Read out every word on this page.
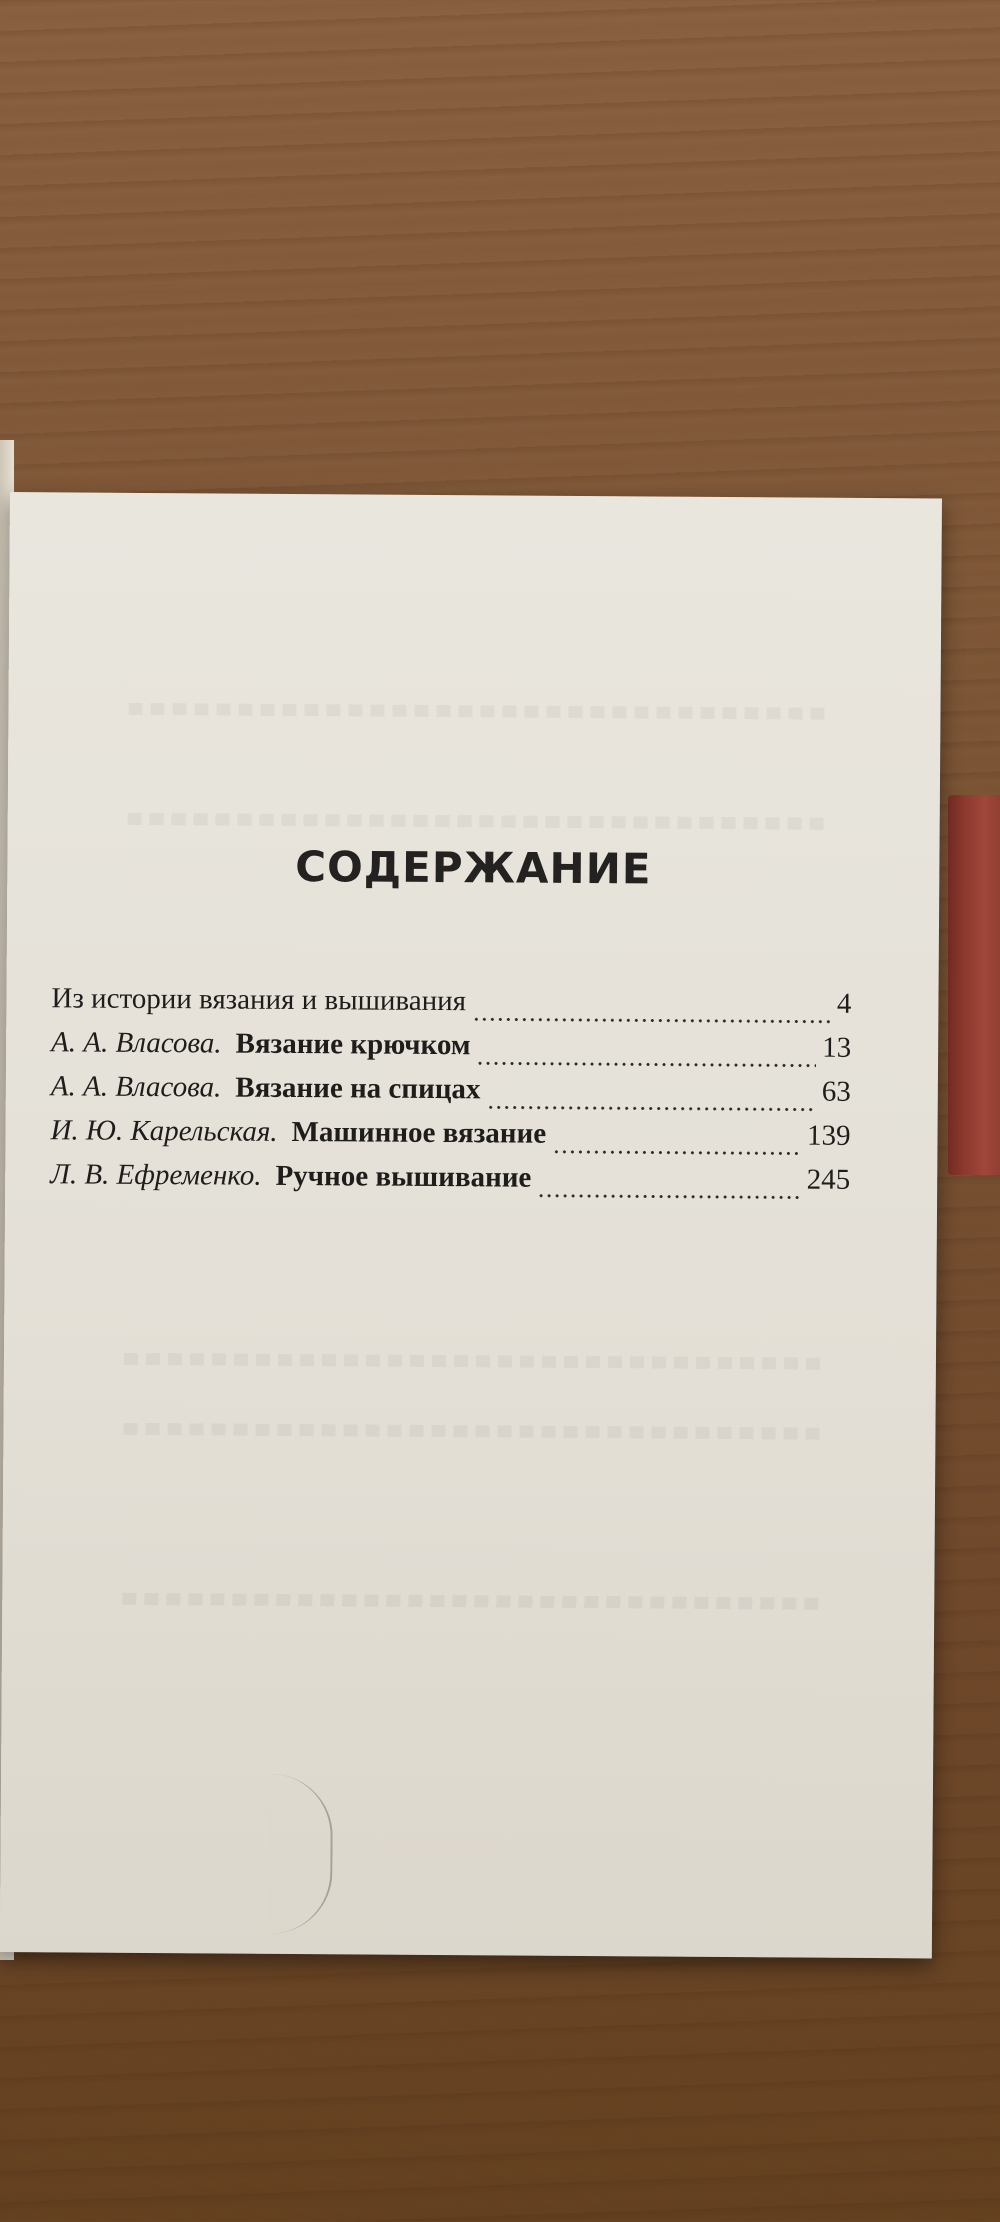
СОДЕРЖАНИЕ
Из истории вязания и вышивания	4
А. А. Власова. Вязание крючком	13
А. А. Власова. Вязание на спицах	63
И. Ю. Карельская. Машинное вязание	139
Л. В. Ефременко. Ручное вышивание	245
